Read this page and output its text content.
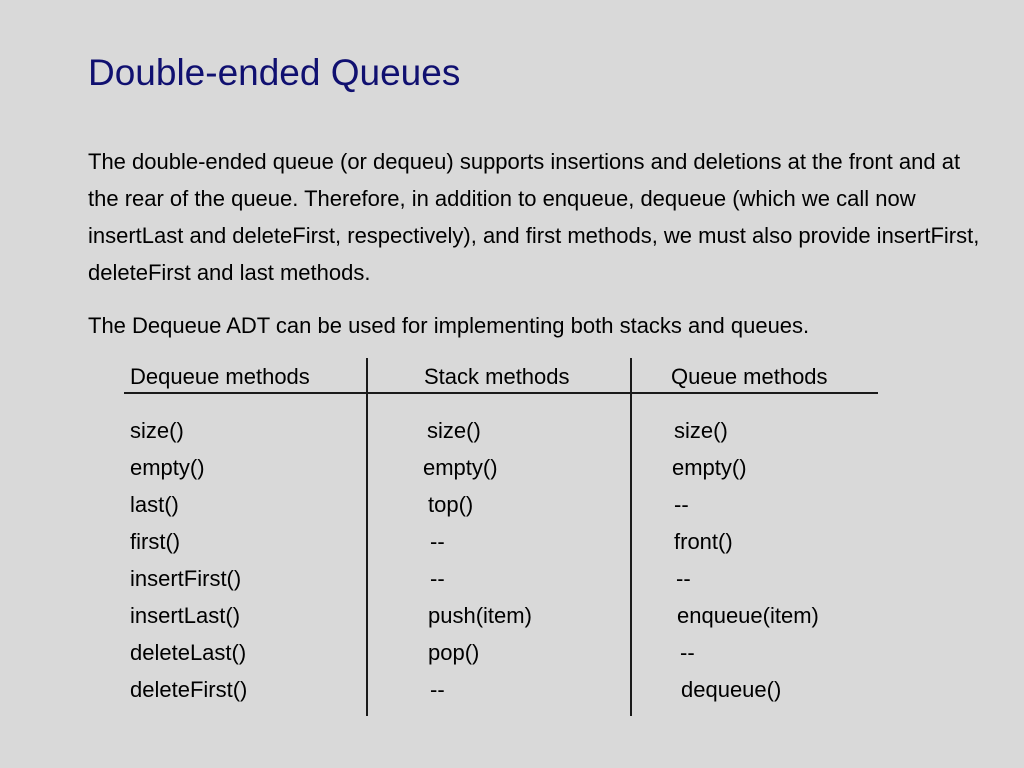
Double-ended Queues

The double-ended queue (or dequeu) supports insertions and deletions at the front and at the rear of the queue. Therefore, in addition to enqueue, dequeue (which we call now insertLast and deleteFirst, respectively), and first methods, we must also provide insertFirst, deleteFirst and last methods.

The Dequeue ADT can be used for implementing both stacks and queues.

Dequeue methods	Stack methods	Queue methods
size()	size()	size()
empty()	empty()	empty()
last()	top()	--
first()	--	front()
insertFirst()	--	--
insertLast()	push(item)	enqueue(item)
deleteLast()	pop()	--
deleteFirst()	--	dequeue()
